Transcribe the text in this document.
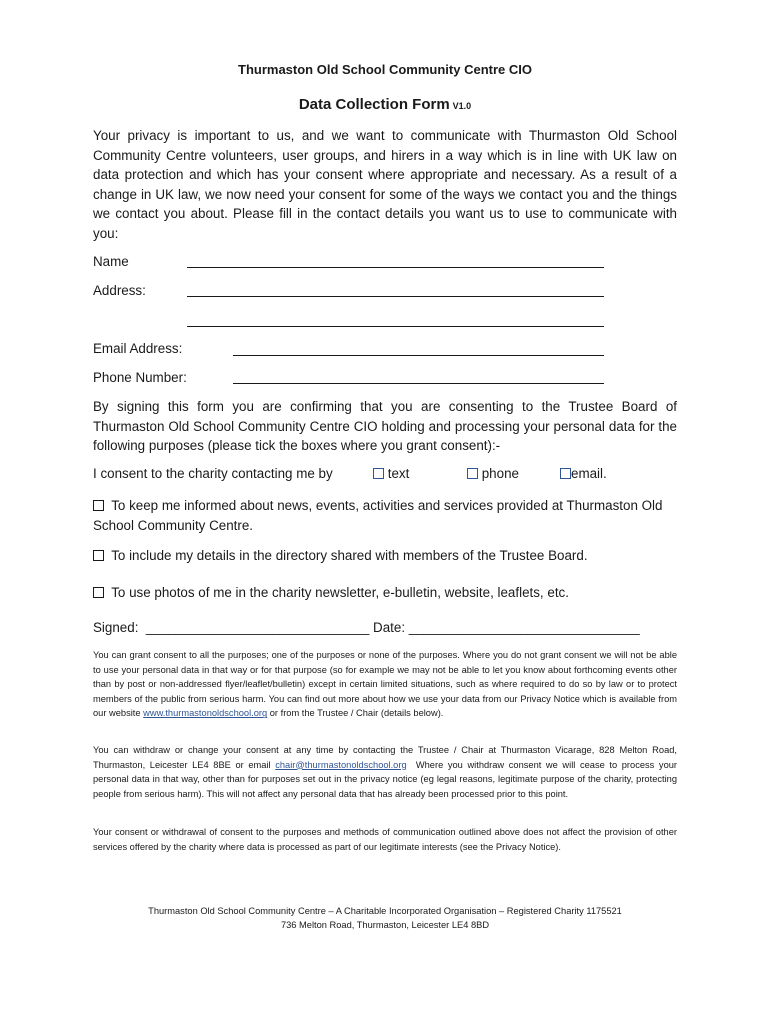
Thurmaston Old School Community Centre CIO
Data Collection Form V1.0
Your privacy is important to us, and we want to communicate with Thurmaston Old School Community Centre volunteers, user groups, and hirers in a way which is in line with UK law on data protection and which has your consent where appropriate and necessary. As a result of a change in UK law, we now need your consent for some of the ways we contact you and the things we contact you about. Please fill in the contact details you want us to use to communicate with you:
Name
Address:
Email Address:
Phone Number:
By signing this form you are confirming that you are consenting to the Trustee Board of Thurmaston Old School Community Centre CIO holding and processing your personal data for the following purposes (please tick the boxes where you grant consent):-
I consent to the charity contacting me by	text	phone	email.
To keep me informed about news, events, activities and services provided at Thurmaston Old School Community Centre.
To include my details in the directory shared with members of the Trustee Board.
To use photos of me in the charity newsletter, e-bulletin, website, leaflets, etc.
Signed: ______________________________ Date: _______________________________
You can grant consent to all the purposes; one of the purposes or none of the purposes. Where you do not grant consent we will not be able to use your personal data in that way or for that purpose (so for example we may not be able to let you know about forthcoming events other than by post or non-addressed flyer/leaflet/bulletin) except in certain limited situations, such as where required to do so by law or to protect members of the public from serious harm. You can find out more about how we use your data from our Privacy Notice which is available from our website www.thurmastonoldschool.org or from the Trustee / Chair (details below).
You can withdraw or change your consent at any time by contacting the Trustee / Chair at Thurmaston Vicarage, 828 Melton Road, Thurmaston, Leicester LE4 8BE or email chair@thurmastonoldschool.org Where you withdraw consent we will cease to process your personal data in that way, other than for purposes set out in the privacy notice (eg legal reasons, legitimate purpose of the charity, protecting people from serious harm). This will not affect any personal data that has already been processed prior to this point.
Your consent or withdrawal of consent to the purposes and methods of communication outlined above does not affect the provision of other services offered by the charity where data is processed as part of our legitimate interests (see the Privacy Notice).
Thurmaston Old School Community Centre – A Charitable Incorporated Organisation – Registered Charity 1175521
736 Melton Road, Thurmaston, Leicester LE4 8BD
